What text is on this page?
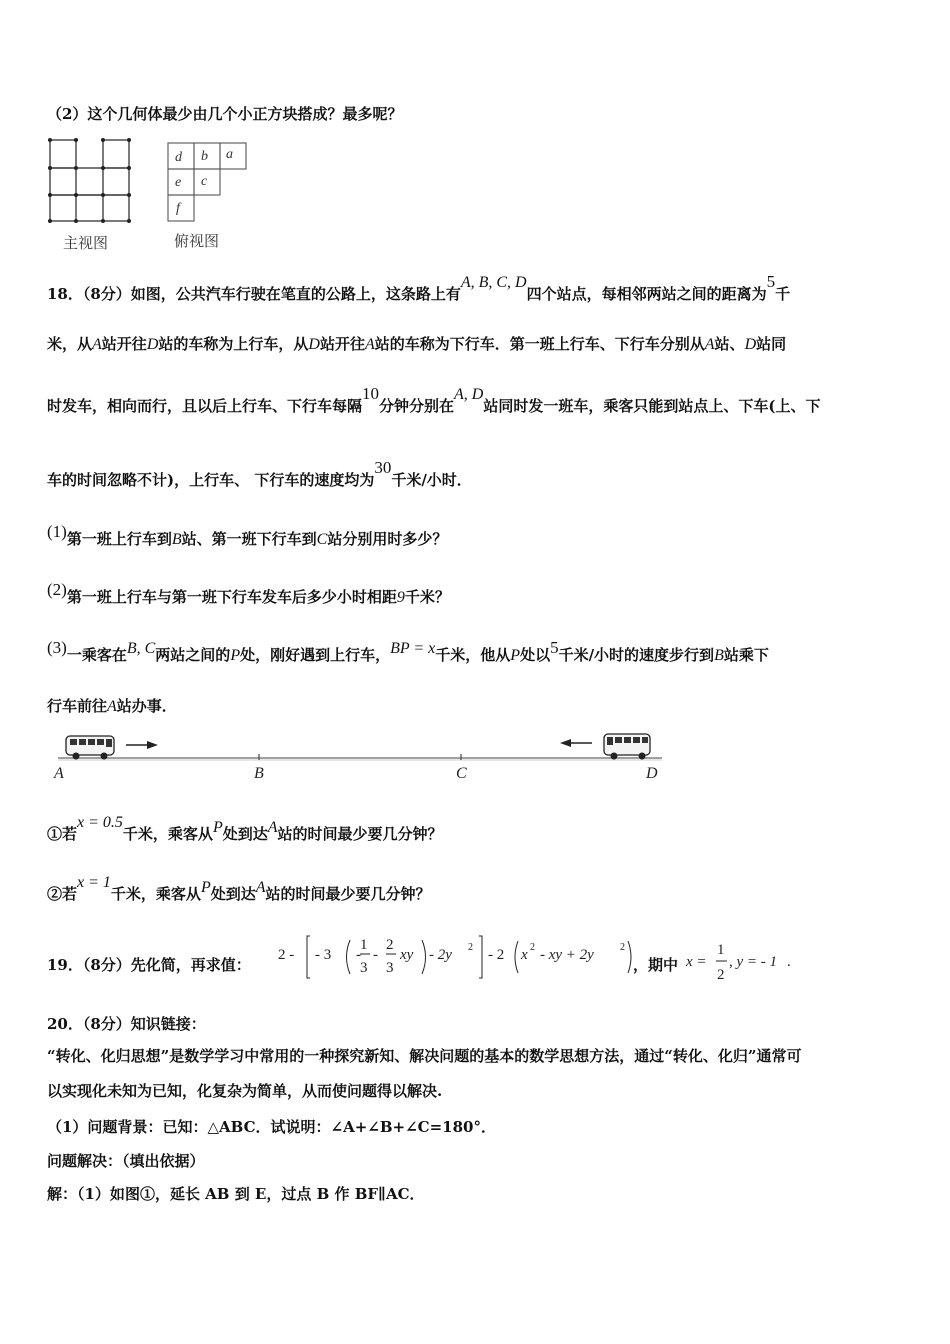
（2）这个几何体最少由几个小正方块搭成？最多呢？
主视图
d b a
e c
f
俯视图
18．（8分）如图，公共汽车行驶在笔直的公路上，这条路上有A, B, C, D四个站点，每相邻两站之间的距离为5千
米，从A站开往D站的车称为上行车，从D站开往A站的车称为下行车．第一班上行车、下行车分别从A站、D站同
时发车，相向而行，且以后上行车、下行车每隔10分钟分别在A, D站同时发一班车，乘客只能到站点上、下车(上、下
车的时间忽略不计)，上行车、 下行车的速度均为30千米/小时．
(1)第一班上行车到B站、第一班下行车到C站分别用时多少？
(2)第一班上行车与第一班下行车发车后多少小时相距9千米？
(3)一乘客在B, C两站之间的P处，刚好遇到上行车，BP = x千米，他从P处以5千米/小时的速度步行到B站乘下
行车前往A站办事．
A	B	C	D
①若x = 0.5千米，乘客从P处到达A站的时间最少要几分钟？
②若x = 1千米，乘客从P处到达A站的时间最少要几分钟？
19．（8分）先化简，再求值：
2 - - 3 -
1
3
-
2
3
xy - 2y 2 - 2 x 2 - xy + 2y	2
，期中 x =
1
2
, y = - 1 .
20．（8分）知识链接：
“转化、化归思想”是数学学习中常用的一种探究新知、解决问题的基本的数学思想方法，通过“转化、化归”通常可
以实现化未知为已知，化复杂为简单，从而使问题得以解决.
（1）问题背景：已知：△ABC．试说明：∠A+∠B+∠C=180°．
问题解决：（填出依据）
解：（1）如图①，延长 AB 到 E，过点 B 作 BF∥AC．
